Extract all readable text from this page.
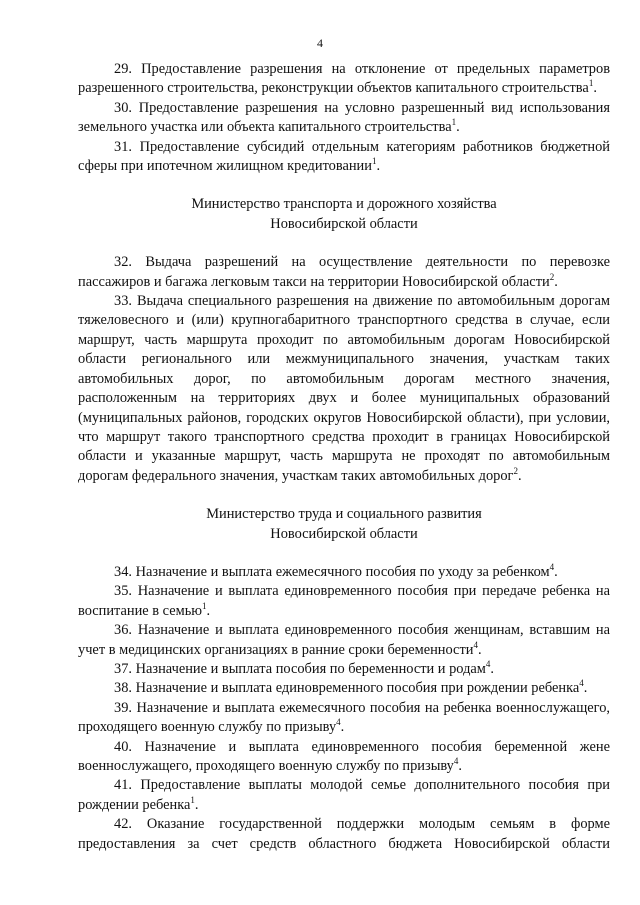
4

29. Предоставление разрешения на отклонение от предельных параметров разрешенного строительства, реконструкции объектов капитального строительства$^1$.

30. Предоставление разрешения на условно разрешенный вид использования земельного участка или объекта капитального строительства$^1$.

31. Предоставление субсидий отдельным категориям работников бюджетной сферы при ипотечном жилищном кредитовании$^1$.

Министерство транспорта и дорожного хозяйства
Новосибирской области

32. Выдача разрешений на осуществление деятельности по перевозке пассажиров и багажа легковым такси на территории Новосибирской области$^2$.

33. Выдача специального разрешения на движение по автомобильным дорогам тяжеловесного и (или) крупногабаритного транспортного средства в случае, если маршрут, часть маршрута проходит по автомобильным дорогам Новосибирской области регионального или межмуниципального значения, участкам таких автомобильных дорог, по автомобильным дорогам местного значения, расположенным на территориях двух и более муниципальных образований (муниципальных районов, городских округов Новосибирской области), при условии, что маршрут такого транспортного средства проходит в границах Новосибирской области и указанные маршрут, часть маршрута не проходят по автомобильным дорогам федерального значения, участкам таких автомобильных дорог$^2$.

Министерство труда и социального развития
Новосибирской области

34. Назначение и выплата ежемесячного пособия по уходу за ребенком$^4$.

35. Назначение и выплата единовременного пособия при передаче ребенка на воспитание в семью$^1$.

36. Назначение и выплата единовременного пособия женщинам, вставшим на учет в медицинских организациях в ранние сроки беременности$^4$.

37. Назначение и выплата пособия по беременности и родам$^4$.

38. Назначение и выплата единовременного пособия при рождении ребенка$^4$.

39. Назначение и выплата ежемесячного пособия на ребенка военнослужащего, проходящего военную службу по призыву$^4$.

40. Назначение и выплата единовременного пособия беременной жене военнослужащего, проходящего военную службу по призыву$^4$.

41. Предоставление выплаты молодой семье дополнительного пособия при рождении ребенка$^1$.

42. Оказание государственной поддержки молодым семьям в форме предоставления за счет средств областного бюджета Новосибирской области
